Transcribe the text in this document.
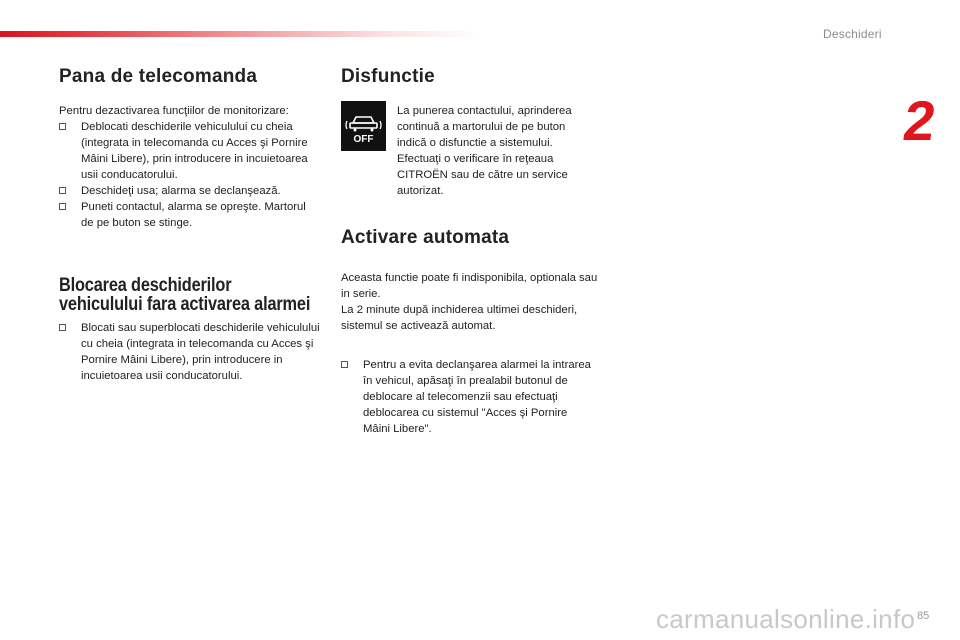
Deschideri
2
Pana de telecomanda

Pentru dezactivarea funcţiilor de monitorizare:

Deblocati deschiderile vehiculului cu cheia (integrata in telecomanda cu Acces şi Pornire Mâini Libere), prin introducere in incuietoarea usii conducatorului.
Deschideţi usa; alarma se declanşează.
Puneti contactul, alarma se opreşte. Martorul de pe buton se stinge.
Blocarea deschiderilor
vehiculului fara activarea alarmei
Blocati sau superblocati deschiderile vehiculului cu cheia (integrata in telecomanda cu Acces şi Pornire Mâini Libere), prin introducere in incuietoarea usii conducatorului.
Disfunctie
OFF

La punerea contactului, aprinderea continuă a martorului de pe buton indică o disfunctie a sistemului. Efectuaţi o verificare în reţeaua CITROËN sau de către un service autorizat.

Activare automata

Aceasta functie poate fi indisponibila, optionala sau in serie.

La 2 minute după inchiderea ultimei deschideri, sistemul se activează automat.

Pentru a evita declanşarea alarmei la intrarea în vehicul, apăsaţi în prealabil butonul de deblocare al telecomenzii sau efectuaţi deblocarea cu sistemul "Acces şi Pornire Mâini Libere".
carmanualsonline.info 85
